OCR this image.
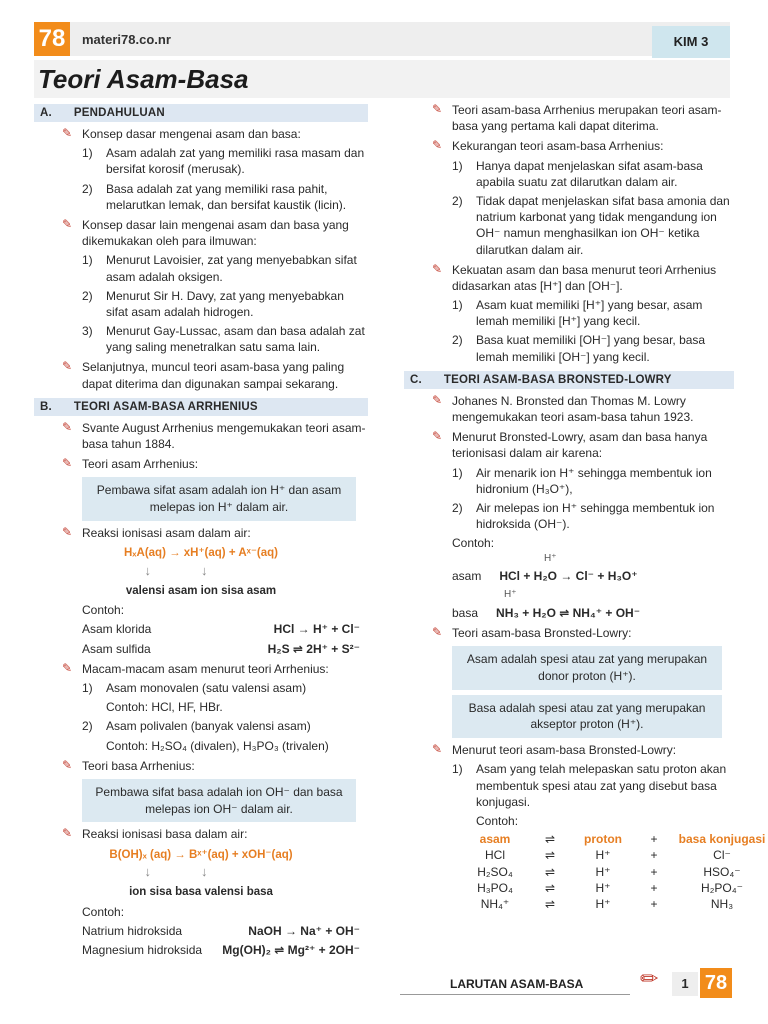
78	materi78.co.nr	KIM 3
Teori Asam-Basa
A. PENDAHULUAN
✎ Konsep dasar mengenai asam dan basa:
1) Asam adalah zat yang memiliki rasa masam dan bersifat korosif (merusak).
2) Basa adalah zat yang memiliki rasa pahit, melarutkan lemak, dan bersifat kaustik (licin).
✎ Konsep dasar lain mengenai asam dan basa yang dikemukakan oleh para ilmuwan:
1) Menurut Lavoisier, zat yang menyebabkan sifat asam adalah oksigen.
2) Menurut Sir H. Davy, zat yang menyebabkan sifat asam adalah hidrogen.
3) Menurut Gay-Lussac, asam dan basa adalah zat yang saling menetralkan satu sama lain.
✎ Selanjutnya, muncul teori asam-basa yang paling dapat diterima dan digunakan sampai sekarang.
B. TEORI ASAM-BASA ARRHENIUS
✎ Svante August Arrhenius mengemukakan teori asam-basa tahun 1884.
✎ Teori asam Arrhenius:
Pembawa sifat asam adalah ion H⁺ dan asam melepas ion H⁺ dalam air.
✎ Reaksi ionisasi asam dalam air:
HₓA(aq) → xH⁺(aq) + Aˣ⁻(aq)
↓↓
valensi asam ion sisa asam
Contoh:
Asam klorida	HCl → H⁺ + Cl⁻
Asam sulfida	H₂S ⇌ 2H⁺ + S²⁻
✎ Macam-macam asam menurut teori Arrhenius:
1) Asam monovalen (satu valensi asam)
Contoh: HCl, HF, HBr.
2) Asam polivalen (banyak valensi asam)
Contoh: H₂SO₄ (divalen), H₃PO₃ (trivalen)
✎ Teori basa Arrhenius:
Pembawa sifat basa adalah ion OH⁻ dan basa melepas ion OH⁻ dalam air.
✎ Reaksi ionisasi basa dalam air:
B(OH)ₓ (aq) → Bˣ⁺(aq) + xOH⁻(aq)
↓↓
ion sisa basa valensi basa
Contoh:
Natrium hidroksida	NaOH → Na⁺ + OH⁻
Magnesium hidroksida Mg(OH)₂ ⇌ Mg²⁺ + 2OH⁻
✎ Teori asam-basa Arrhenius merupakan teori asam-basa yang pertama kali dapat diterima.
✎ Kekurangan teori asam-basa Arrhenius:
1) Hanya dapat menjelaskan sifat asam-basa apabila suatu zat dilarutkan dalam air.
2) Tidak dapat menjelaskan sifat basa amonia dan natrium karbonat yang tidak mengandung ion OH⁻ namun menghasilkan ion OH⁻ ketika dilarutkan dalam air.
✎ Kekuatan asam dan basa menurut teori Arrhenius didasarkan atas [H⁺] dan [OH⁻].
1) Asam kuat memiliki [H⁺] yang besar, asam lemah memiliki [H⁺] yang kecil.
2) Basa kuat memiliki [OH⁻] yang besar, basa lemah memiliki [OH⁻] yang kecil.
C. TEORI ASAM-BASA BRONSTED-LOWRY
✎ Johanes N. Bronsted dan Thomas M. Lowry mengemukakan teori asam-basa tahun 1923.
✎ Menurut Bronsted-Lowry, asam dan basa hanya terionisasi dalam air karena:
1) Air menarik ion H⁺ sehingga membentuk ion hidronium (H₃O⁺),
2) Air melepas ion H⁺ sehingga membentuk ion hidroksida (OH⁻).
Contoh:
H⁺
asam HCl + H₂O → Cl⁻ + H₃O⁺
H⁺
basa NH₃ + H₂O ⇌ NH₄⁺ + OH⁻
✎ Teori asam-basa Bronsted-Lowry:
Asam adalah spesi atau zat yang merupakan donor proton (H⁺).
Basa adalah spesi atau zat yang merupakan akseptor proton (H⁺).
✎ Menurut teori asam-basa Bronsted-Lowry:
1) Asam yang telah melepaskan satu proton akan membentuk spesi atau zat yang disebut basa konjugasi.
Contoh:
asam	⇌	proton	+	basa konjugasi
HCl	⇌	H⁺	+	Cl⁻
H₂SO₄	⇌	H⁺	+	HSO₄⁻
H₃PO₄	⇌	H⁺	+	H₂PO₄⁻
NH₄⁺	⇌	H⁺	+	NH₃
LARUTAN ASAM-BASA	✏	1 78
